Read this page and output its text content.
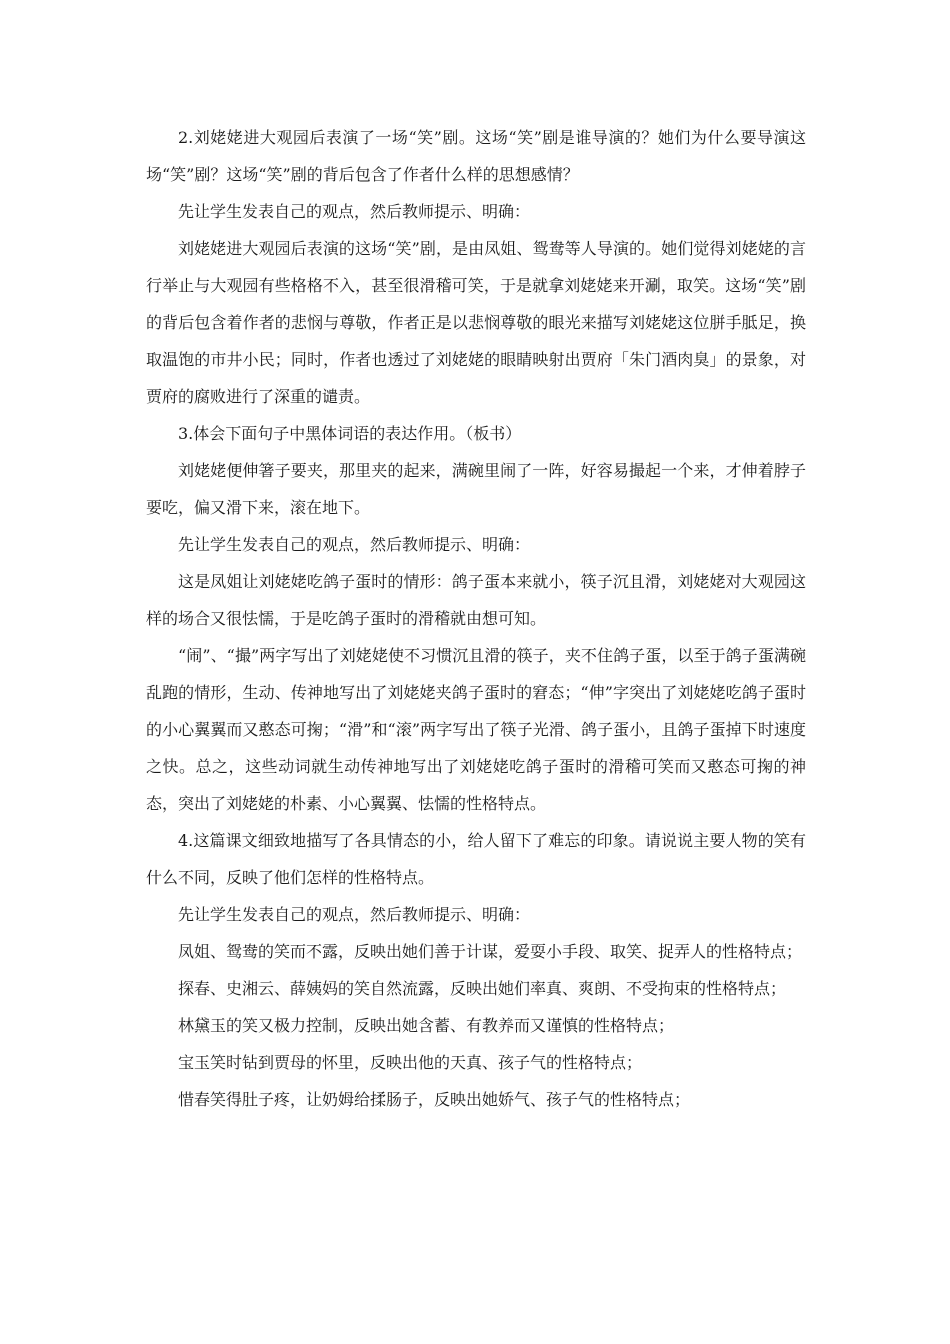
2.刘姥姥进大观园后表演了一场“笑”剧。这场“笑”剧是谁导演的？她们为什么要导演这场“笑”剧？这场“笑”剧的背后包含了作者什么样的思想感情？

先让学生发表自己的观点，然后教师提示、明确：

刘姥姥进大观园后表演的这场“笑”剧，是由凤姐、鸳鸯等人导演的。她们觉得刘姥姥的言行举止与大观园有些格格不入，甚至很滑稽可笑，于是就拿刘姥姥来开涮，取笑。这场“笑”剧的背后包含着作者的悲悯与尊敬，作者正是以悲悯尊敬的眼光来描写刘姥姥这位胼手胝足，换取温饱的市井小民；同时，作者也透过了刘姥姥的眼睛映射出贾府「朱门酒肉臭」的景象，对贾府的腐败进行了深重的谴责。

3.体会下面句子中黑体词语的表达作用。（板书）

刘姥姥便伸箸子要夹，那里夹的起来，满碗里闹了一阵，好容易撮起一个来，才伸着脖子要吃，偏又滑下来，滚在地下。

先让学生发表自己的观点，然后教师提示、明确：

这是凤姐让刘姥姥吃鸽子蛋时的情形：鸽子蛋本来就小，筷子沉且滑，刘姥姥对大观园这样的场合又很怯懦，于是吃鸽子蛋时的滑稽就由想可知。

“闹”、“撮”两字写出了刘姥姥使不习惯沉且滑的筷子，夹不住鸽子蛋，以至于鸽子蛋满碗乱跑的情形，生动、传神地写出了刘姥姥夹鸽子蛋时的窘态；“伸”字突出了刘姥姥吃鸽子蛋时的小心翼翼而又憨态可掬；“滑”和“滚”两字写出了筷子光滑、鸽子蛋小，且鸽子蛋掉下时速度之快。总之，这些动词就生动传神地写出了刘姥姥吃鸽子蛋时的滑稽可笑而又憨态可掬的神态，突出了刘姥姥的朴素、小心翼翼、怯懦的性格特点。

4.这篇课文细致地描写了各具情态的小，给人留下了难忘的印象。请说说主要人物的笑有什么不同，反映了他们怎样的性格特点。

先让学生发表自己的观点，然后教师提示、明确：

凤姐、鸳鸯的笑而不露，反映出她们善于计谋，爱耍小手段、取笑、捉弄人的性格特点；

探春、史湘云、薛姨妈的笑自然流露，反映出她们率真、爽朗、不受拘束的性格特点；

林黛玉的笑又极力控制，反映出她含蓄、有教养而又谨慎的性格特点；

宝玉笑时钻到贾母的怀里，反映出他的天真、孩子气的性格特点；

惜春笑得肚子疼，让奶姆给揉肠子，反映出她娇气、孩子气的性格特点；
